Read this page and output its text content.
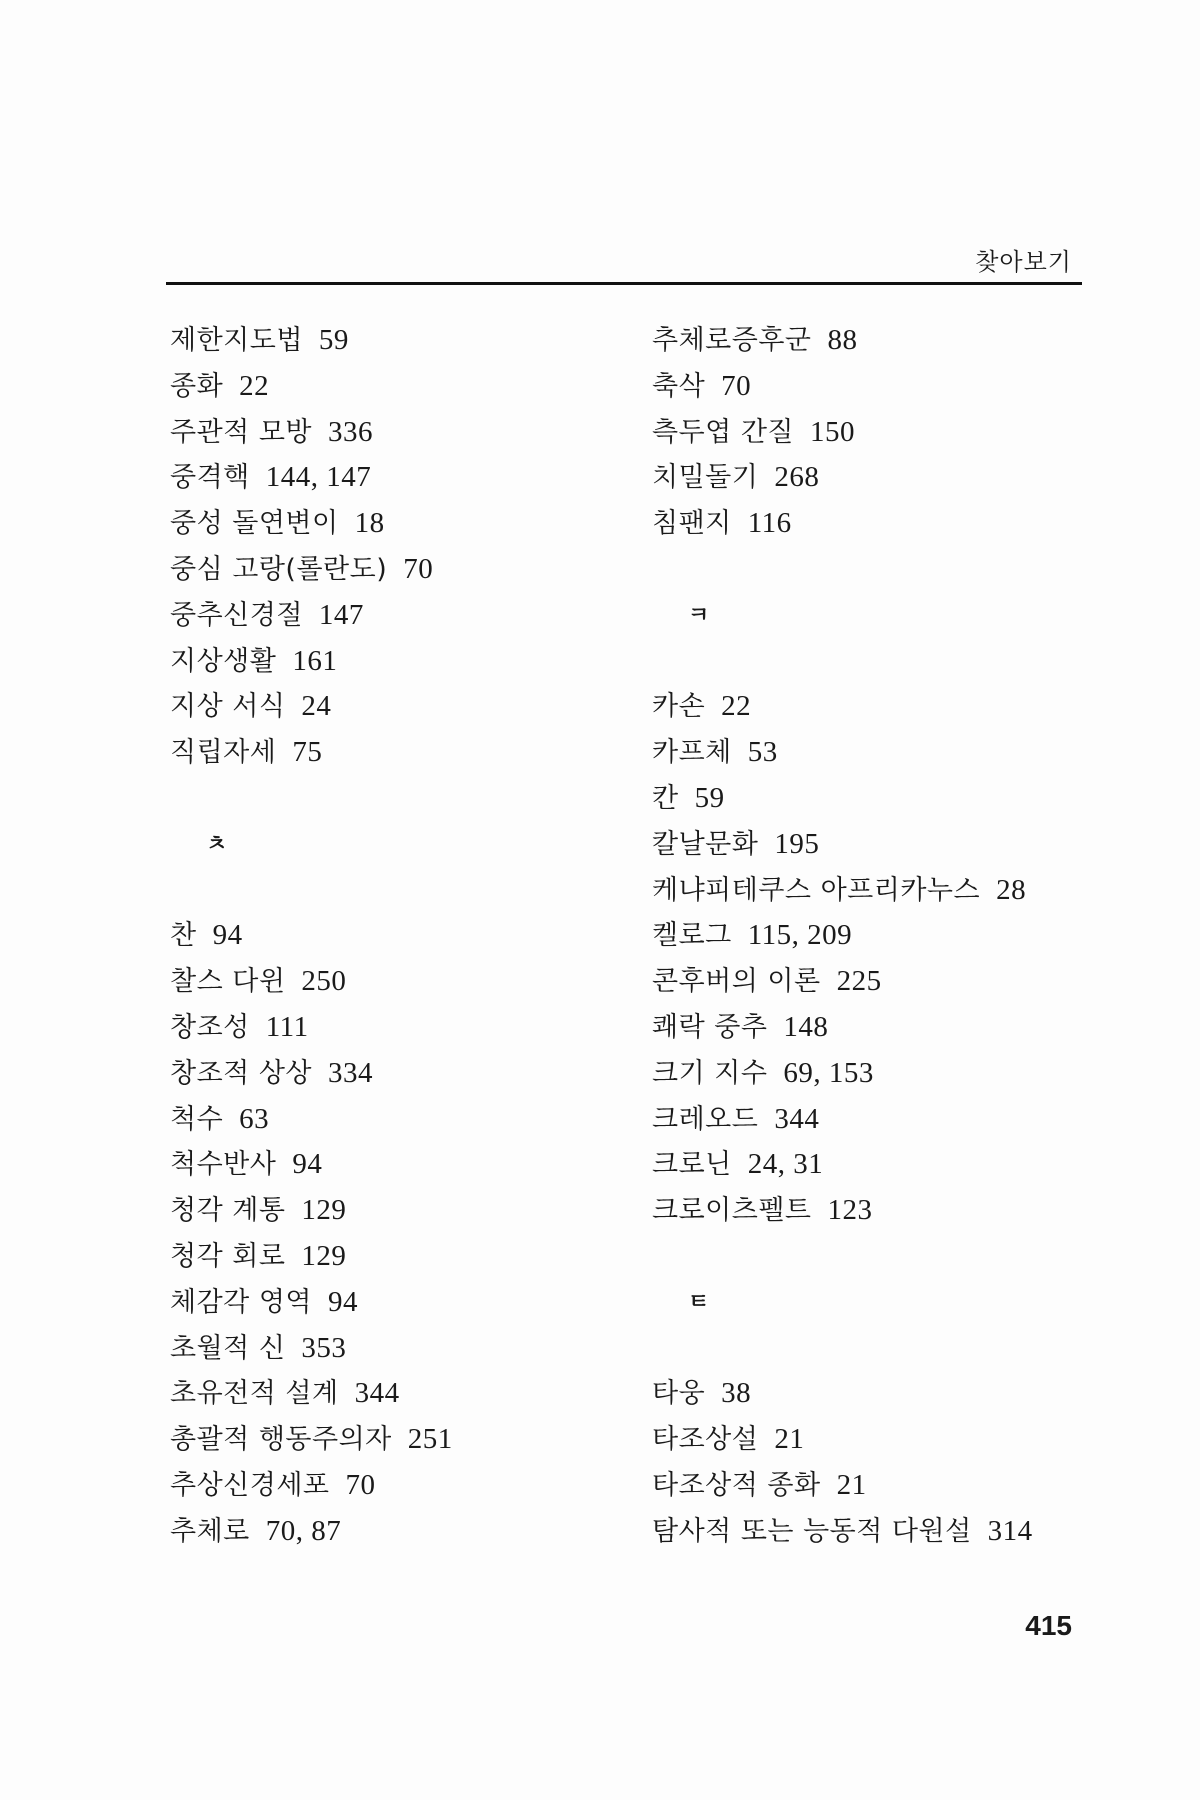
찾아보기
제한지도법 59
종화 22
주관적 모방 336
중격핵 144, 147
중성 돌연변이 18
중심 고랑(롤란도) 70
중추신경절 147
지상생활 161
지상 서식 24
직립자세 75
ㅊ
찬 94
찰스 다윈 250
창조성 111
창조적 상상 334
척수 63
척수반사 94
청각 계통 129
청각 회로 129
체감각 영역 94
초월적 신 353
초유전적 설계 344
총괄적 행동주의자 251
추상신경세포 70
추체로 70, 87
추체로증후군 88
축삭 70
측두엽 간질 150
치밀돌기 268
침팬지 116
ㅋ
카손 22
카프체 53
칸 59
칼날문화 195
케냐피테쿠스 아프리카누스 28
켈로그 115, 209
콘후버의 이론 225
쾌락 중추 148
크기 지수 69, 153
크레오드 344
크로닌 24, 31
크로이츠펠트 123
ㅌ
타웅 38
타조상설 21
타조상적 종화 21
탐사적 또는 능동적 다원설 314
415
